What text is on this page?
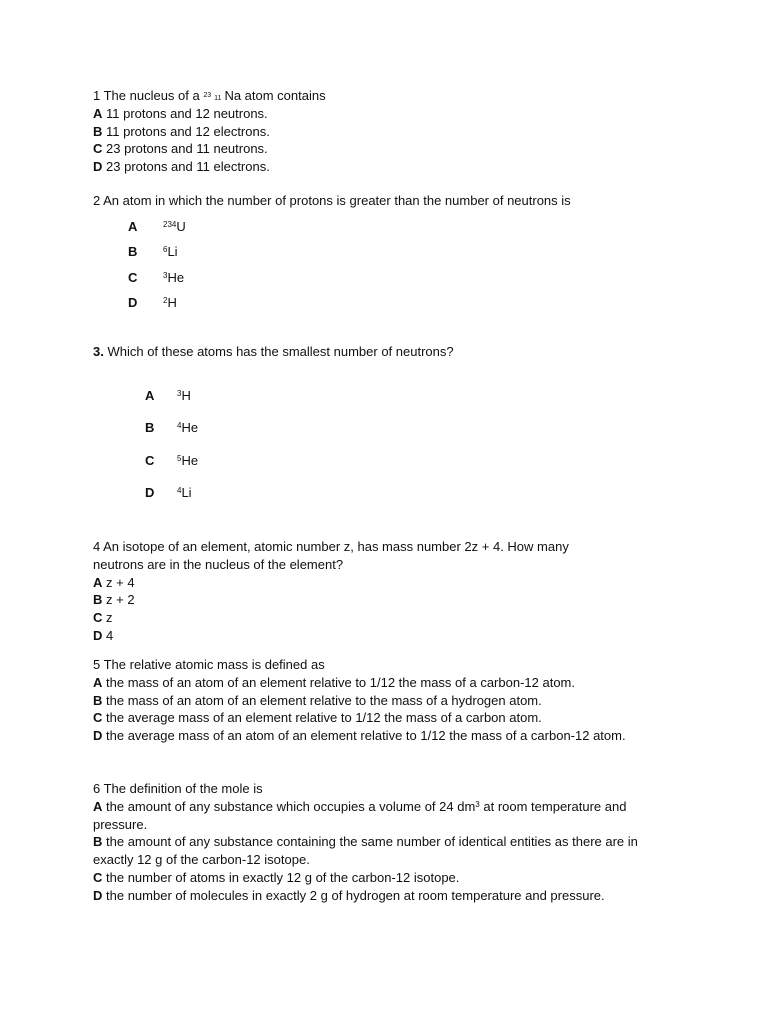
1 The nucleus of a $^{23}$ 11 Na atom contains
A 11 protons and 12 neutrons.
B 11 protons and 12 electrons.
C 23 protons and 11 neutrons.
D 23 protons and 11 electrons.
2 An atom in which the number of protons is greater than the number of neutrons is
A	$^{234}$U
B	$^6$Li
C	$^3$He
D	$^2$H
3. Which of these atoms has the smallest number of neutrons?
A	$^3$H
B	$^4$He
C	$^5$He
D	$^4$Li
4 An isotope of an element, atomic number z, has mass number 2z + 4. How many neutrons are in the nucleus of the element?
A z + 4
B z + 2
C z
D 4
5 The relative atomic mass is defined as
A the mass of an atom of an element relative to 1/12 the mass of a carbon-12 atom.
B the mass of an atom of an element relative to the mass of a hydrogen atom.
C the average mass of an element relative to 1/12 the mass of a carbon atom.
D the average mass of an atom of an element relative to 1/12 the mass of a carbon-12 atom.
6 The definition of the mole is
A the amount of any substance which occupies a volume of 24 $dm^3$ at room temperature and pressure.
B the amount of any substance containing the same number of identical entities as there are in exactly 12 g of the carbon-12 isotope.
C the number of atoms in exactly 12 g of the carbon-12 isotope.
D the number of molecules in exactly 2 g of hydrogen at room temperature and pressure.
